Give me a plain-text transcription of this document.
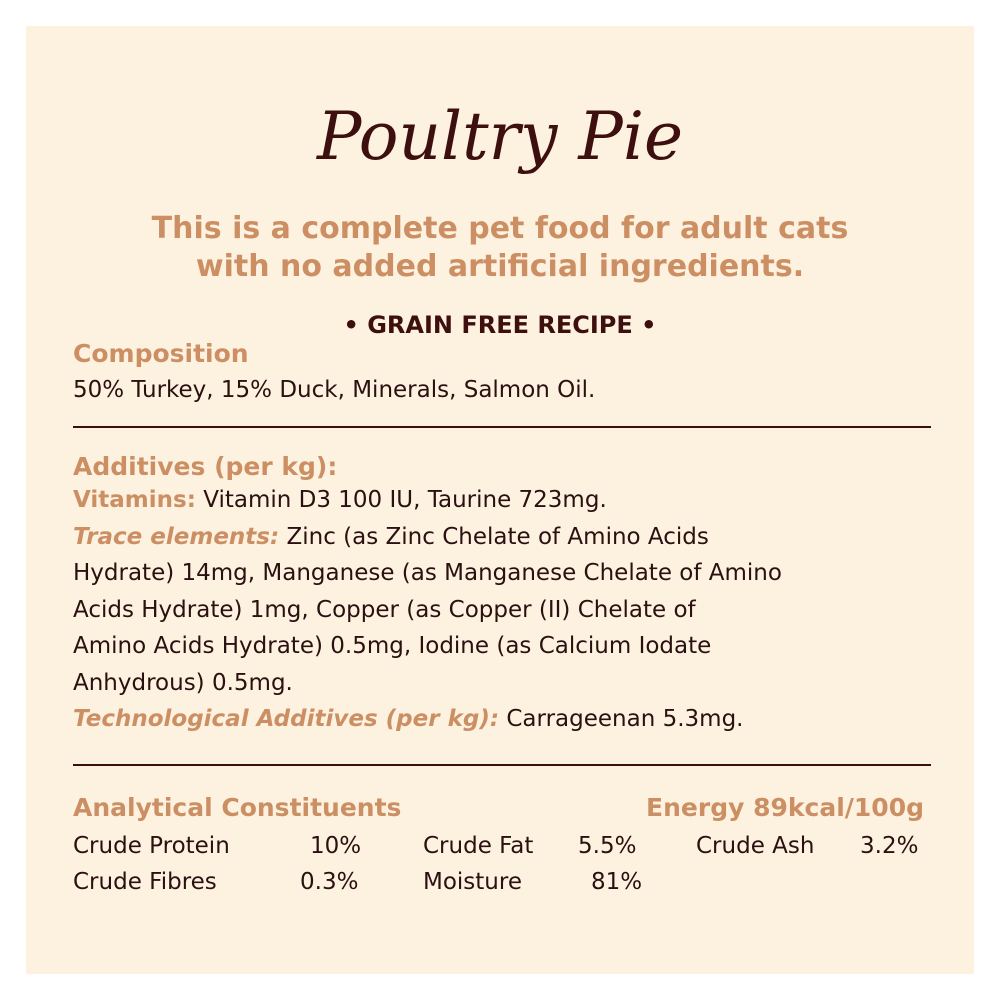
Poultry Pie
This is a complete pet food for adult cats
with no added artificial ingredients.
• GRAIN FREE RECIPE •
Composition
50% Turkey, 15% Duck, Minerals, Salmon Oil.
Additives (per kg):
Vitamins: Vitamin D3 100 IU, Taurine 723mg.
Trace elements: Zinc (as Zinc Chelate of Amino Acids
Hydrate) 14mg, Manganese (as Manganese Chelate of Amino
Acids Hydrate) 1mg, Copper (as Copper (II) Chelate of
Amino Acids Hydrate) 0.5mg, Iodine (as Calcium Iodate
Anhydrous) 0.5mg.
Technological Additives (per kg): Carrageenan 5.3mg.
Analytical Constituents	Energy 89kcal/100g
Crude Protein	10%	Crude Fat 5.5%	Crude Ash 3.2%
Crude Fibres	0.3%	Moisture	81%
